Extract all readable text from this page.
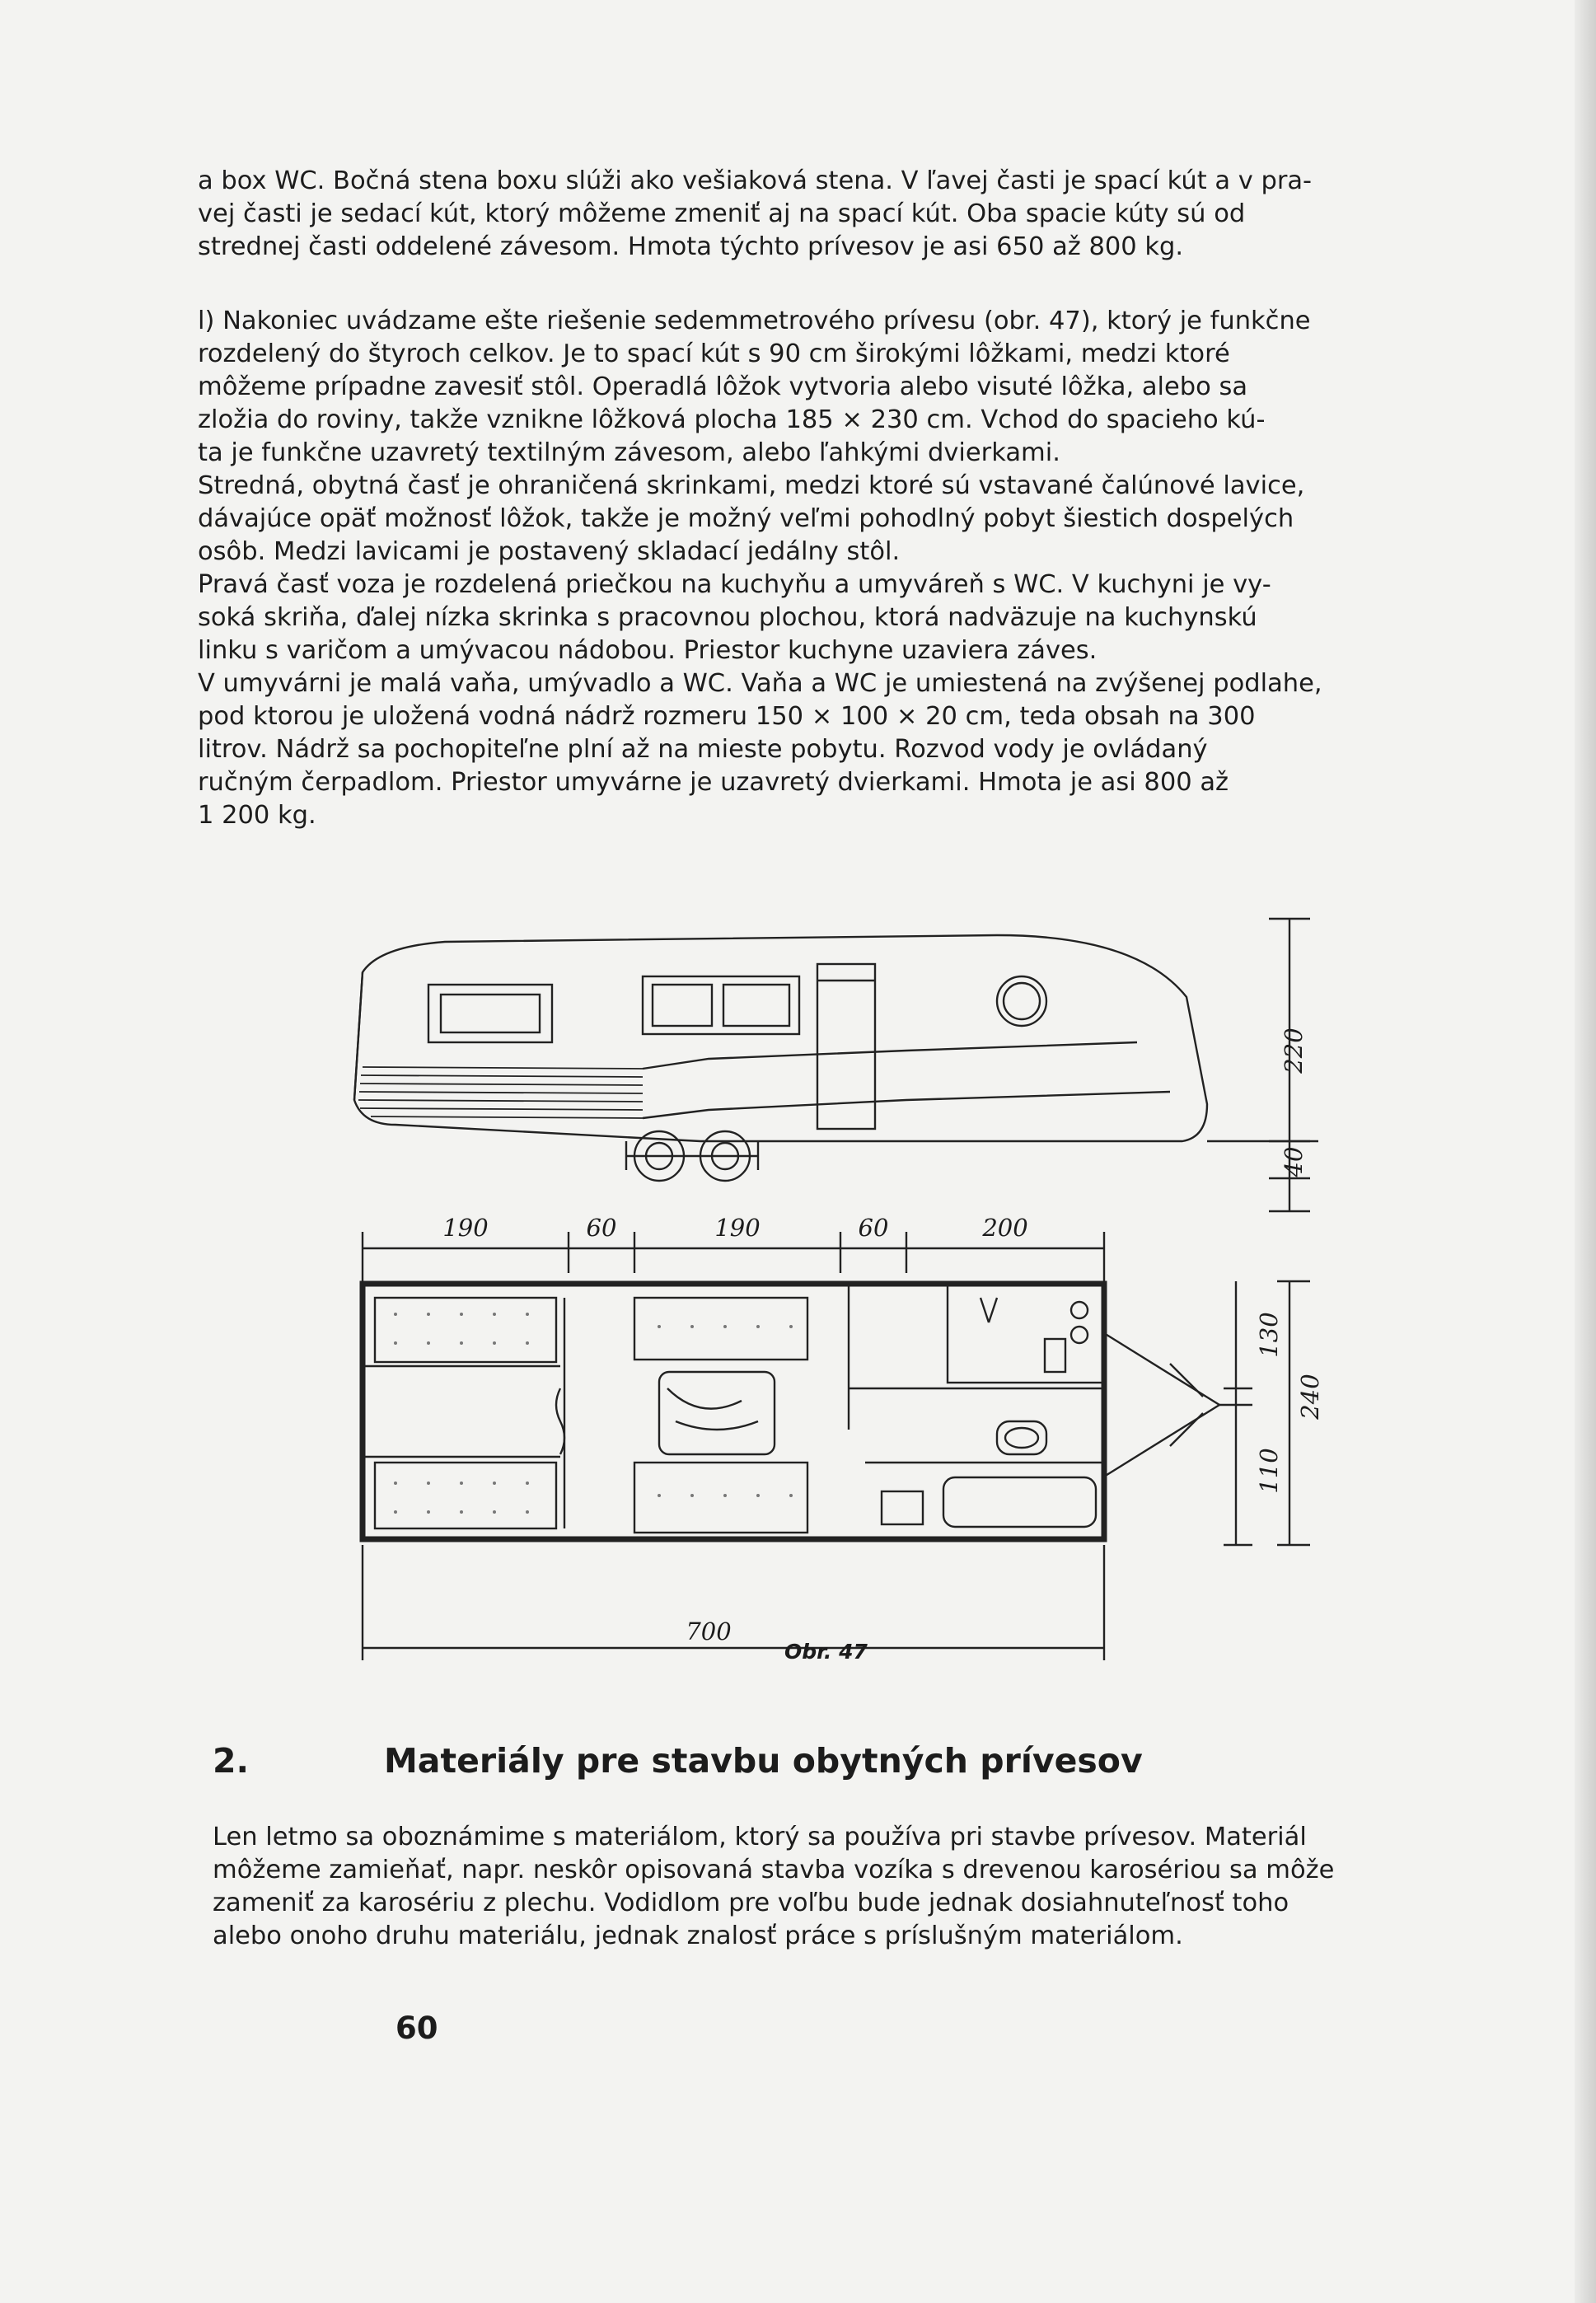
a box WC. Bočná stena boxu slúži ako vešiaková stena. V ľavej časti je spací kút a v pra-
vej časti je sedací kút, ktorý môžeme zmeniť aj na spací kút. Oba spacie kúty sú od
strednej časti oddelené závesom. Hmota týchto prívesov je asi 650 až 800 kg.

l) Nakoniec uvádzame ešte riešenie sedemmetrového prívesu (obr. 47), ktorý je funkčne
rozdelený do štyroch celkov. Je to spací kút s 90 cm širokými lôžkami, medzi ktoré
môžeme prípadne zavesiť stôl. Operadlá lôžok vytvoria alebo visuté lôžka, alebo sa
zložia do roviny, takže vznikne lôžková plocha 185 × 230 cm. Vchod do spacieho kú-
ta je funkčne uzavretý textilným závesom, alebo ľahkými dvierkami.
Stredná, obytná časť je ohraničená skrinkami, medzi ktoré sú vstavané čalúnové lavice,
dávajúce opäť možnosť lôžok, takže je možný veľmi pohodlný pobyt šiestich dospelých
osôb. Medzi lavicami je postavený skladací jedálny stôl.
Pravá časť voza je rozdelená priečkou na kuchyňu a umyváreň s WC. V kuchyni je vy-
soká skriňa, ďalej nízka skrinka s pracovnou plochou, ktorá nadväzuje na kuchynskú
linku s varičom a umývacou nádobou. Priestor kuchyne uzaviera záves.
V umyvárni je malá vaňa, umývadlo a WC. Vaňa a WC je umiestená na zvýšenej podlahe,
pod ktorou je uložená vodná nádrž rozmeru 150 × 100 × 20 cm, teda obsah na 300
litrov. Nádrž sa pochopiteľne plní až na mieste pobytu. Rozvod vody je ovládaný
ručným čerpadlom. Priestor umyvárne je uzavretý dvierkami. Hmota je asi 800 až
1 200 kg.

220
40
190	60	190	60	200
130
110
240
700
Obr. 47
2.	Materiály pre stavbu obytných prívesov

Len letmo sa oboznámime s materiálom, ktorý sa používa pri stavbe prívesov. Materiál
môžeme zamieňať, napr. neskôr opisovaná stavba vozíka s drevenou karosériou sa môže
zameniť za karosériu z plechu. Vodidlom pre voľbu bude jednak dosiahnuteľnosť toho
alebo onoho druhu materiálu, jednak znalosť práce s príslušným materiálom.

60
